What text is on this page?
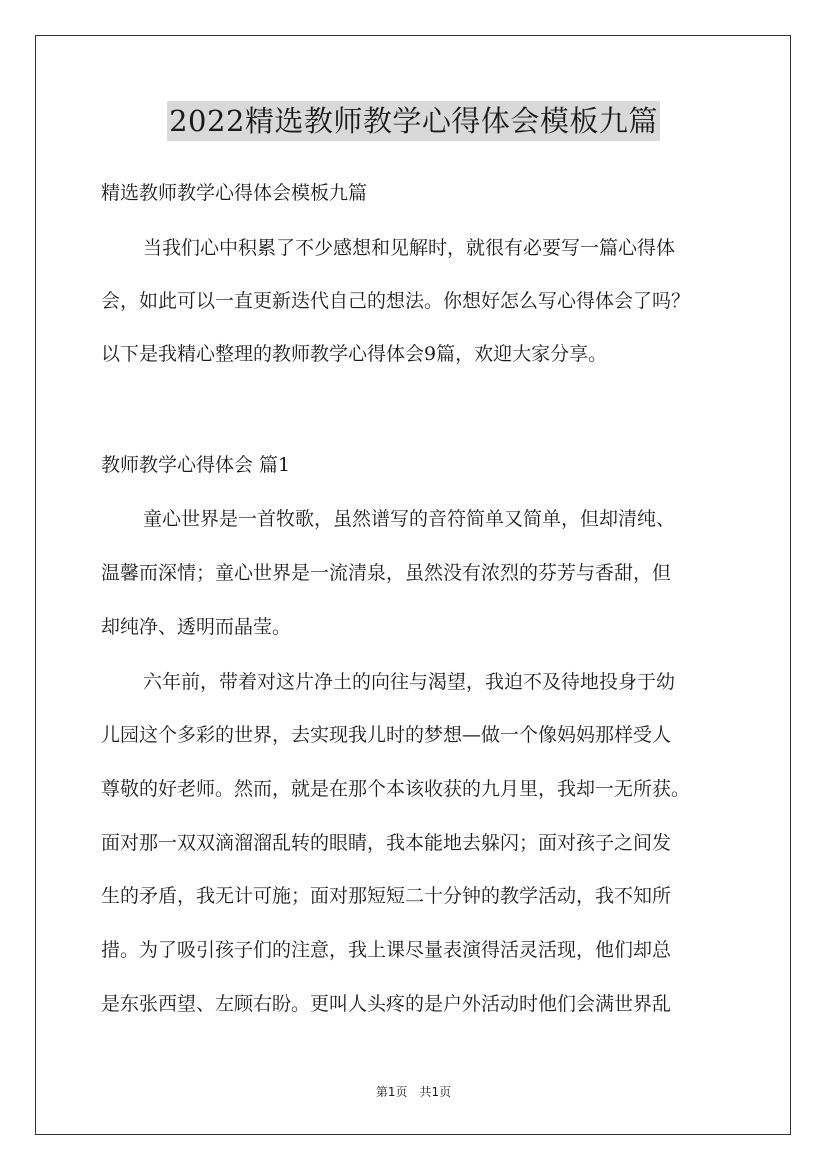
2022精选教师教学心得体会模板九篇
精选教师教学心得体会模板九篇
当我们心中积累了不少感想和见解时，就很有必要写一篇心得体
会，如此可以一直更新迭代自己的想法。你想好怎么写心得体会了吗？
以下是我精心整理的教师教学心得体会9篇，欢迎大家分享。
教师教学心得体会 篇1
童心世界是一首牧歌，虽然谱写的音符简单又简单，但却清纯、
温馨而深情；童心世界是一流清泉，虽然没有浓烈的芬芳与香甜，但
却纯净、透明而晶莹。
六年前，带着对这片净土的向往与渴望，我迫不及待地投身于幼
儿园这个多彩的世界，去实现我儿时的梦想—做一个像妈妈那样受人
尊敬的好老师。然而，就是在那个本该收获的九月里，我却一无所获。
面对那一双双滴溜溜乱转的眼睛，我本能地去躲闪；面对孩子之间发
生的矛盾，我无计可施；面对那短短二十分钟的教学活动，我不知所
措。为了吸引孩子们的注意，我上课尽量表演得活灵活现，他们却总
是东张西望、左顾右盼。更叫人头疼的是户外活动时他们会满世界乱
第1页　共1页
